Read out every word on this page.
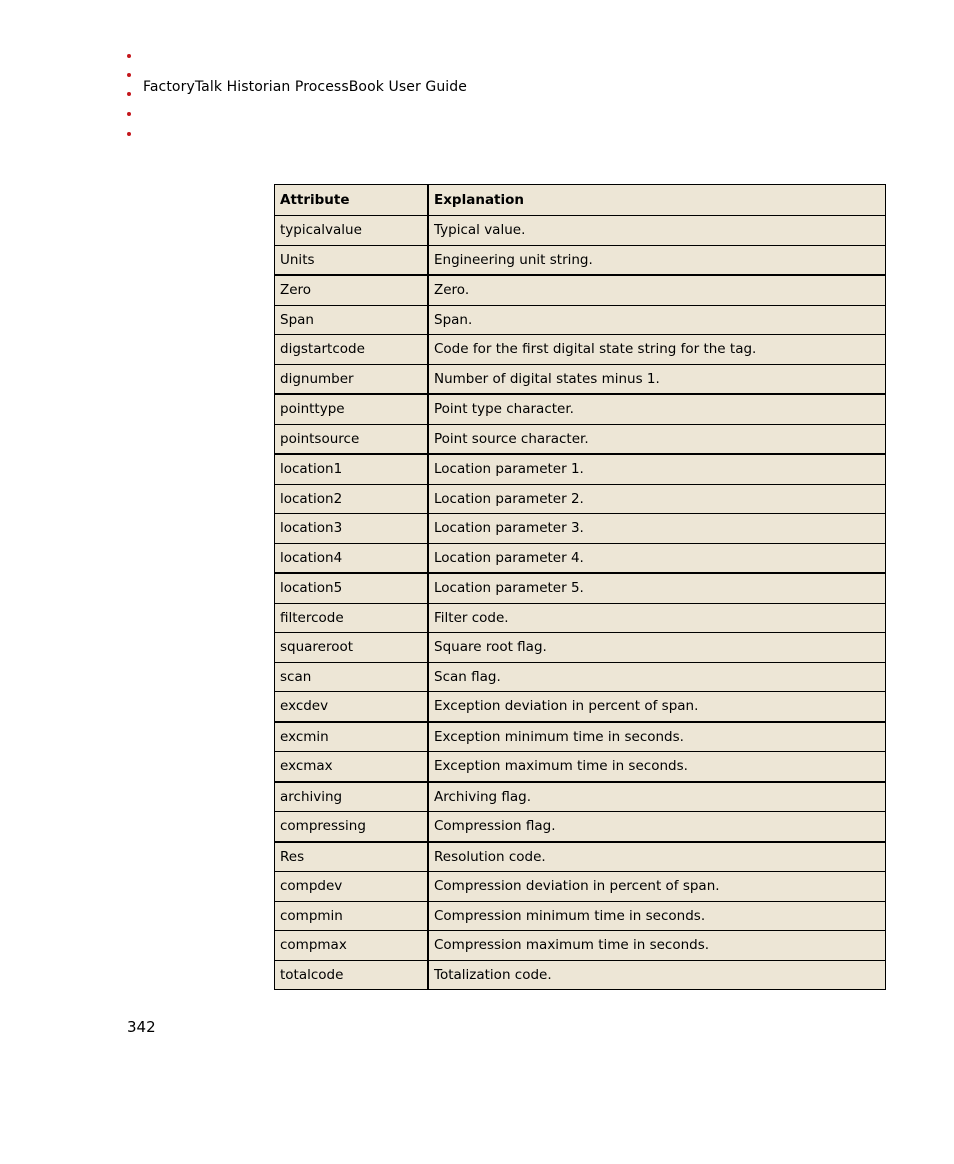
FactoryTalk Historian ProcessBook User Guide
Attribute	Explanation
typicalvalue	Typical value.
Units	Engineering unit string.
Zero	Zero.
Span	Span.
digstartcode	Code for the first digital state string for the tag.
dignumber	Number of digital states minus 1.
pointtype	Point type character.
pointsource	Point source character.
location1	Location parameter 1.
location2	Location parameter 2.
location3	Location parameter 3.
location4	Location parameter 4.
location5	Location parameter 5.
filtercode	Filter code.
squareroot	Square root flag.
scan	Scan flag.
excdev	Exception deviation in percent of span.
excmin	Exception minimum time in seconds.
excmax	Exception maximum time in seconds.
archiving	Archiving flag.
compressing	Compression flag.
Res	Resolution code.
compdev	Compression deviation in percent of span.
compmin	Compression minimum time in seconds.
compmax	Compression maximum time in seconds.
totalcode	Totalization code.
342
